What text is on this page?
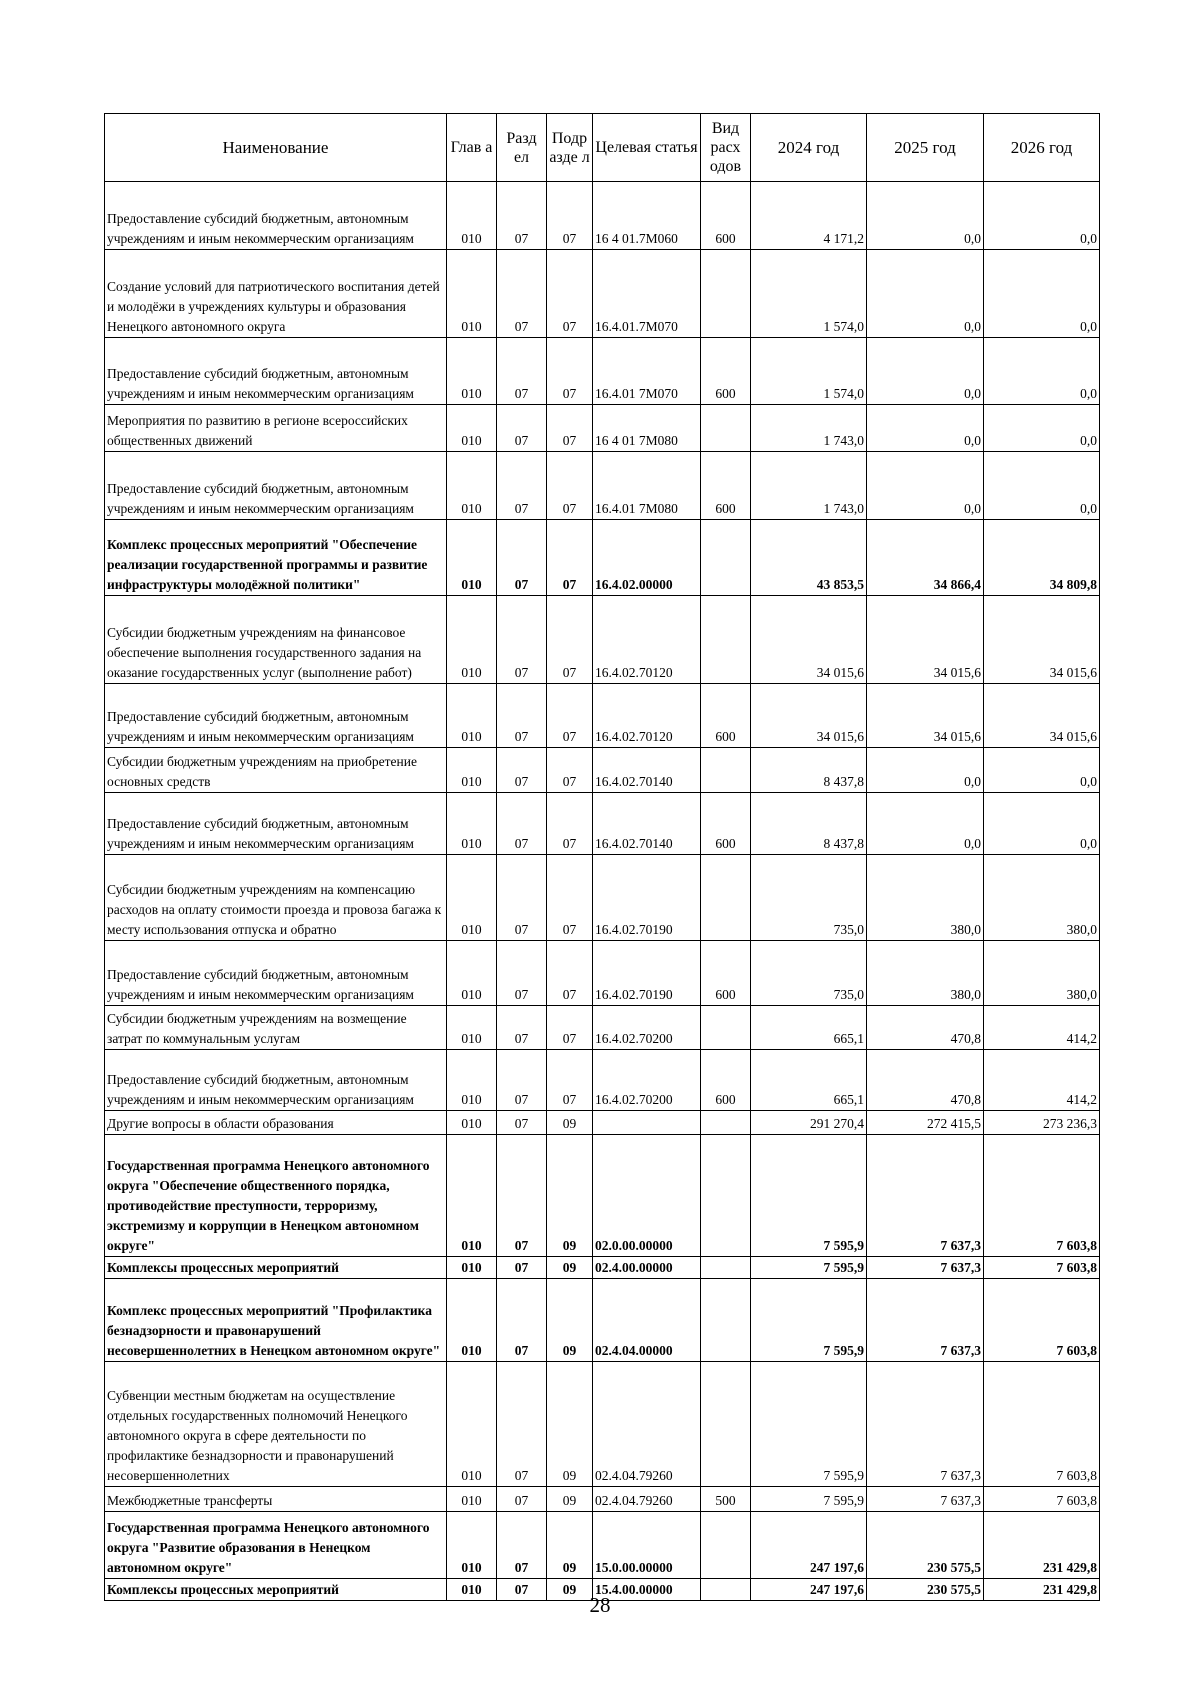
Наименование	Глав а	Разд ел	Подр азде л	Целевая статья	Вид расх одов	2024 год	2025 год	2026 год
Предоставление субсидий бюджетным, автономным учреждениям и иным некоммерческим организациям	010	07	07	16 4 01.7М060	600	4 171,2	0,0	0,0
Создание условий для патриотического воспитания детей и молодёжи в учреждениях культуры и образования Ненецкого автономного округа	010	07	07	16.4.01.7М070		1 574,0	0,0	0,0
Предоставление субсидий бюджетным, автономным учреждениям и иным некоммерческим организациям	010	07	07	16.4.01 7М070	600	1 574,0	0,0	0,0
Мероприятия по развитию в регионе всероссийских общественных движений	010	07	07	16 4 01 7М080		1 743,0	0,0	0,0
Предоставление субсидий бюджетным, автономным учреждениям и иным некоммерческим организациям	010	07	07	16.4.01 7М080	600	1 743,0	0,0	0,0
Комплекс процессных мероприятий "Обеспечение реализации государственной программы и развитие инфраструктуры молодёжной политики"	010	07	07	16.4.02.00000		43 853,5	34 866,4	34 809,8
Субсидии бюджетным учреждениям на финансовое обеспечение выполнения государственного задания на оказание государственных услуг (выполнение работ)	010	07	07	16.4.02.70120		34 015,6	34 015,6	34 015,6
Предоставление субсидий бюджетным, автономным учреждениям и иным некоммерческим организациям	010	07	07	16.4.02.70120	600	34 015,6	34 015,6	34 015,6
Субсидии бюджетным учреждениям на приобретение основных средств	010	07	07	16.4.02.70140		8 437,8	0,0	0,0
Предоставление субсидий бюджетным, автономным учреждениям и иным некоммерческим организациям	010	07	07	16.4.02.70140	600	8 437,8	0,0	0,0
Субсидии бюджетным учреждениям на компенсацию расходов на оплату стоимости проезда и провоза багажа к месту использования отпуска и обратно	010	07	07	16.4.02.70190		735,0	380,0	380,0
Предоставление субсидий бюджетным, автономным учреждениям и иным некоммерческим организациям	010	07	07	16.4.02.70190	600	735,0	380,0	380,0
Субсидии бюджетным учреждениям на возмещение затрат по коммунальным услугам	010	07	07	16.4.02.70200		665,1	470,8	414,2
Предоставление субсидий бюджетным, автономным учреждениям и иным некоммерческим организациям	010	07	07	16.4.02.70200	600	665,1	470,8	414,2
Другие вопросы в области образования	010	07	09			291 270,4	272 415,5	273 236,3
Государственная программа Ненецкого автономного округа "Обеспечение общественного порядка, противодействие преступности, терроризму, экстремизму и коррупции в Ненецком автономном округе"	010	07	09	02.0.00.00000		7 595,9	7 637,3	7 603,8
Комплексы процессных мероприятий	010	07	09	02.4.00.00000		7 595,9	7 637,3	7 603,8
Комплекс процессных мероприятий "Профилактика безнадзорности и правонарушений несовершеннолетних в Ненецком автономном округе"	010	07	09	02.4.04.00000		7 595,9	7 637,3	7 603,8
Субвенции местным бюджетам на осуществление отдельных государственных полномочий Ненецкого автономного округа в сфере деятельности по профилактике безнадзорности и правонарушений несовершеннолетних	010	07	09	02.4.04.79260		7 595,9	7 637,3	7 603,8
Межбюджетные трансферты	010	07	09	02.4.04.79260	500	7 595,9	7 637,3	7 603,8
Государственная программа Ненецкого автономного округа "Развитие образования в Ненецком автономном округе"	010	07	09	15.0.00.00000		247 197,6	230 575,5	231 429,8
Комплексы процессных мероприятий	010	07	09	15.4.00.00000		247 197,6	230 575,5	231 429,8
28
